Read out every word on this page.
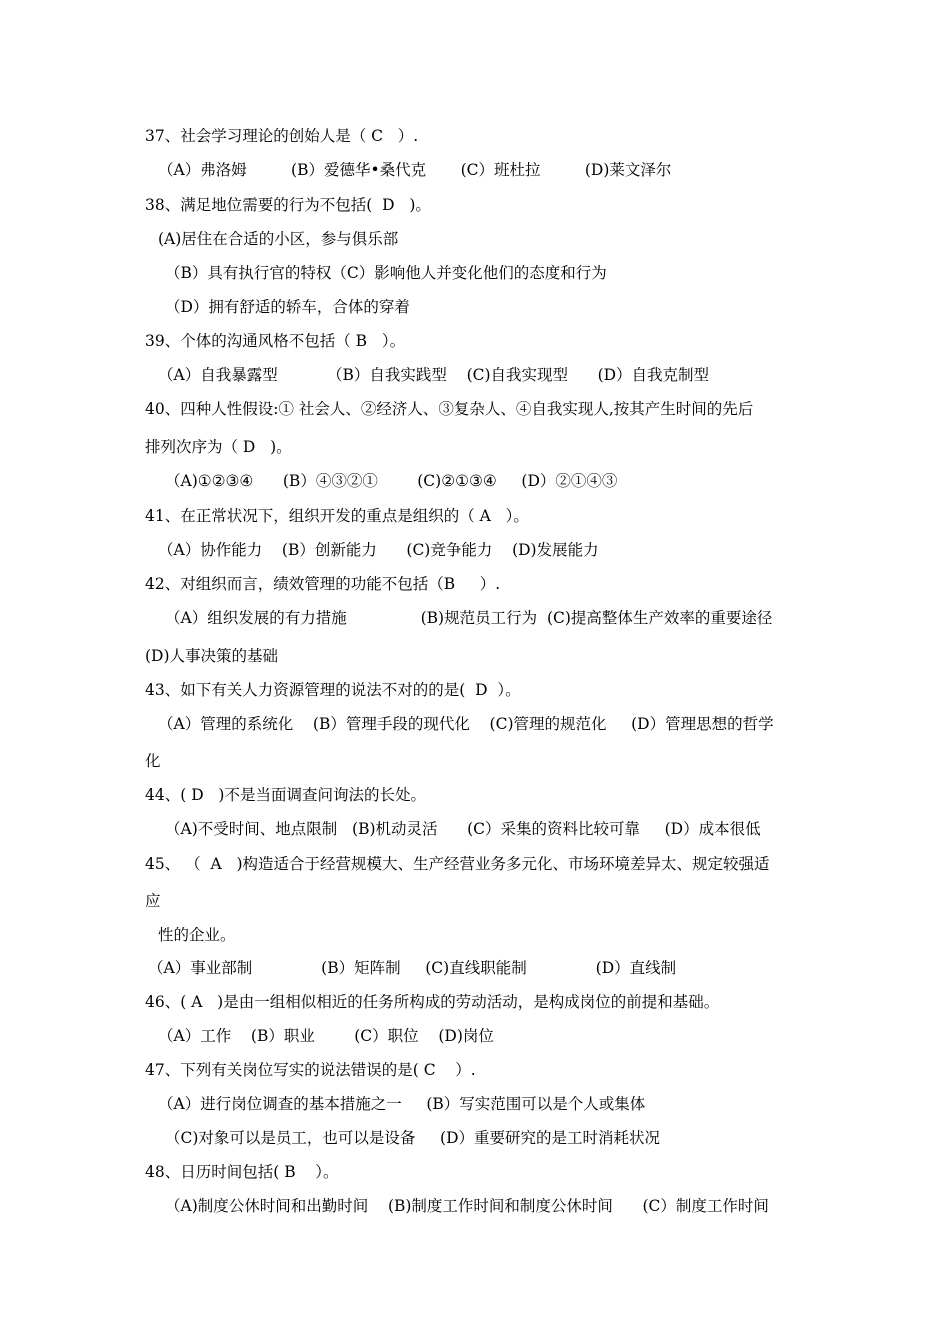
37、社会学习理论的创始人是（ C   ）.
（A）弗洛姆         (B）爱德华•桑代克       (C）班杜拉         (D)莱文泽尔
38、满足地位需要的行为不包括(  D   )。
(A)居住在合适的小区，参与俱乐部
（B）具有执行官的特权（C）影响他人并变化他们的态度和行为
（D）拥有舒适的轿车，合体的穿着
39、个体的沟通风格不包括（ B   ）。
（A）自我暴露型          （B）自我实践型    (C)自我实现型      (D）自我克制型
40、四种人性假设:① 社会人、②经济人、③复杂人、④自我实现人,按其产生时间的先后
排列次序为（ D   )。
（A)①②③④      (B）④③②①        (C)②①③④     (D）②①④③
41、在正常状况下，组织开发的重点是组织的（ A   ）。
（A）协作能力    (B）创新能力      (C)竞争能力    (D)发展能力
42、对组织而言，绩效管理的功能不包括（B     ）.
（A）组织发展的有力措施               (B)规范员工行为  (C)提高整体生产效率的重要途径
(D)人事决策的基础
43、如下有关人力资源管理的说法不对的的是(  D  ）。
（A）管理的系统化    (B）管理手段的现代化    (C)管理的规范化     (D）管理思想的哲学
化
44、( D   )不是当面调查问询法的长处。
（A)不受时间、地点限制   (B)机动灵活      (C）采集的资料比较可靠     (D）成本很低
45、 （  A   )构造适合于经营规模大、生产经营业务多元化、市场环境差异太、规定较强适
应
性的企业。
（A）事业部制              (B）矩阵制     (C)直线职能制              (D）直线制
46、( A   )是由一组相似相近的任务所构成的劳动活动，是构成岗位的前提和基础。
（A）工作    (B）职业        (C）职位    (D)岗位
47、下列有关岗位写实的说法错误的是( C    ）.
（A）进行岗位调查的基本措施之一     (B）写实范围可以是个人或集体
（C)对象可以是员工，也可以是设备     (D）重要研究的是工时消耗状况
48、日历时间包括( B    ）。
（A)制度公休时间和出勤时间    (B)制度工作时间和制度公休时间      (C）制度工作时间
